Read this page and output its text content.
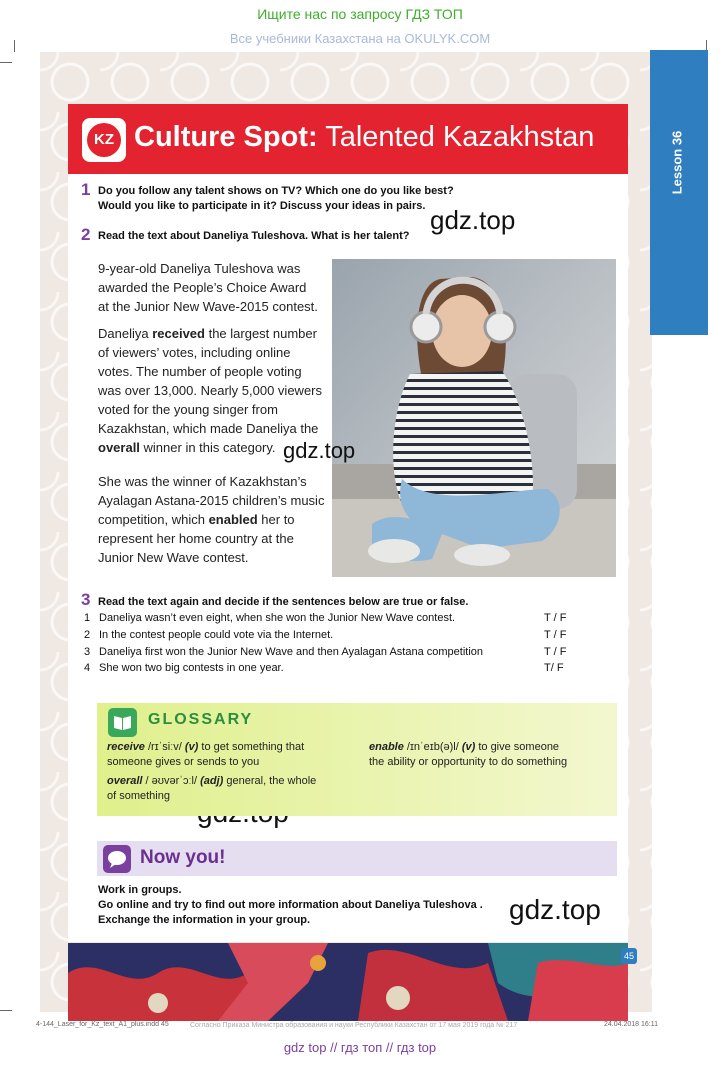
Ищите нас по запросу ГДЗ ТОП
Все учебники Казахстана на OKULYK.COM
Lesson 36
KZ Culture Spot: Talented Kazakhstan
1 Do you follow any talent shows on TV? Which one do you like best?
Would you like to participate in it? Discuss your ideas in pairs.
2 Read the text about Daneliya Tuleshova. What is her talent?
9-year-old Daneliya Tuleshova was
awarded the People’s Choice Award
at the Junior New Wave-2015 contest.
Daneliya received the largest number
of viewers’ votes, including online
votes. The number of people voting
was over 13,000. Nearly 5,000 viewers
voted for the young singer from
Kazakhstan, which made Daneliya the
overall winner in this category.
She was the winner of Kazakhstan’s
Ayalagan Astana-2015 children’s music
competition, which enabled her to
represent her home country at the
Junior New Wave contest.
gdz.top
gdz.top
gdz.top
3 Read the text again and decide if the sentences below are true or false.
1 Daneliya wasn’t even eight, when she won the Junior New Wave contest.	T / F
2 In the contest people could vote via the Internet.	T / F
3 Daneliya first won the Junior New Wave and then Ayalagan Astana competition	T / F
4 She won two big contests in one year.	T/ F
GLOSSARY
receive /rɪˈsiːv/ (v) to get something that
someone gives or sends to you
overall / əʊvərˈɔːl/ (adj) general, the whole
of something
enable /ɪnˈeɪb(ə)l/ (v) to give someone
the ability or opportunity to do something
Now you!
Work in groups.
Go online and try to find out more information about Daneliya Tuleshova .
Exchange the information in your group.
45
4-144_Laser_for_Kz_text_A1_plus.indd 45	Согласно Приказа Министра образования и науки Республики Казахстан от 17 мая 2019 года № 217	24.04.2018 16:11
gdz top // гдз топ // гдз top
